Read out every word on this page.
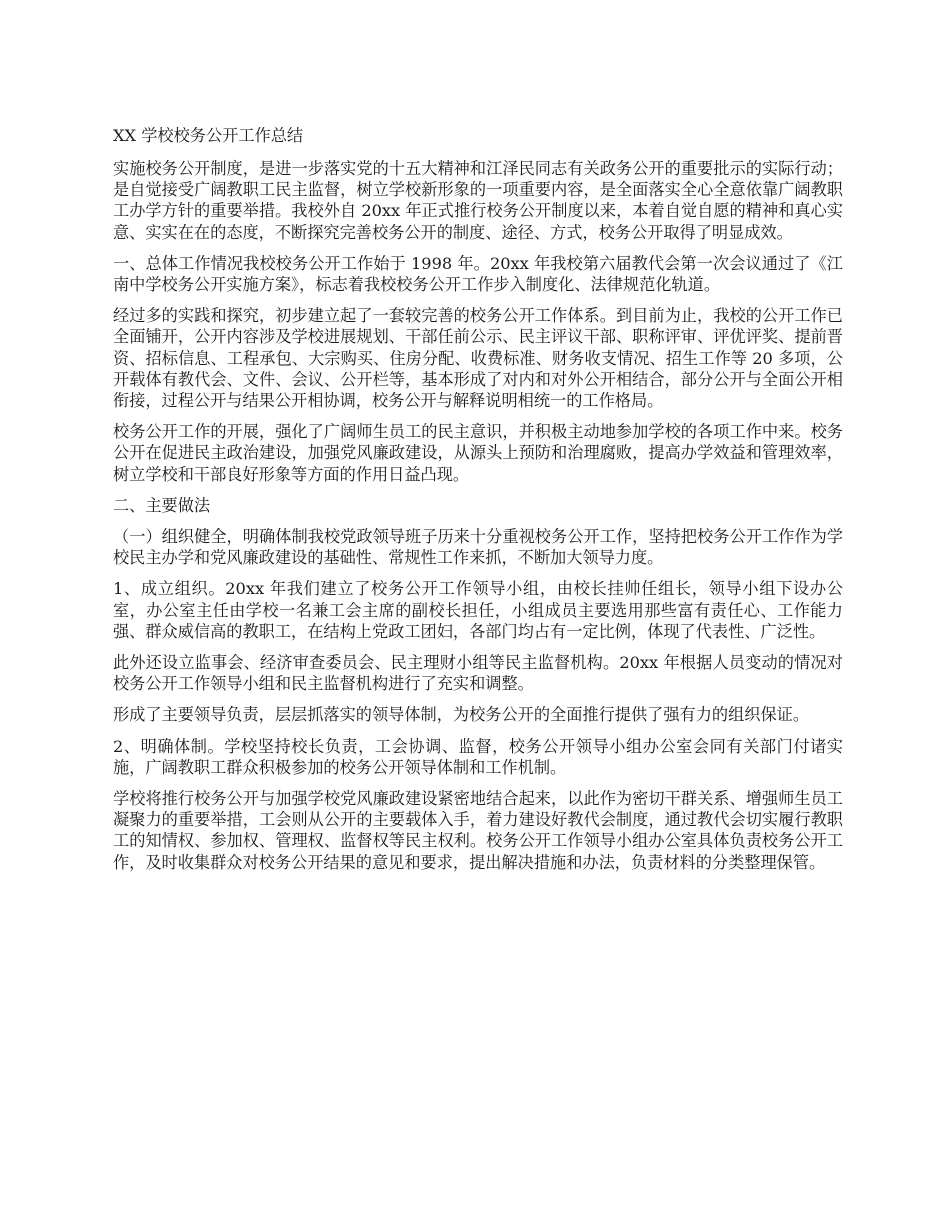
XX 学校校务公开工作总结

实施校务公开制度，是进一步落实党的十五大精神和江泽民同志有关政务公开的重要批示的实际行动；是自觉接受广阔教职工民主监督，树立学校新形象的一项重要内容，是全面落实全心全意依靠广阔教职工办学方针的重要举措。我校外自 20xx 年正式推行校务公开制度以来，本着自觉自愿的精神和真心实意、实实在在的态度，不断探究完善校务公开的制度、途径、方式，校务公开取得了明显成效。

一、总体工作情况我校校务公开工作始于 1998 年。20xx 年我校第六届教代会第一次会议通过了《江南中学校务公开实施方案》，标志着我校校务公开工作步入制度化、法律规范化轨道。

经过多的实践和探究，初步建立起了一套较完善的校务公开工作体系。到目前为止，我校的公开工作已全面铺开，公开内容涉及学校进展规划、干部任前公示、民主评议干部、职称评审、评优评奖、提前晋资、招标信息、工程承包、大宗购买、住房分配、收费标准、财务收支情况、招生工作等 20 多项，公开载体有教代会、文件、会议、公开栏等，基本形成了对内和对外公开相结合，部分公开与全面公开相衔接，过程公开与结果公开相协调，校务公开与解释说明相统一的工作格局。

校务公开工作的开展，强化了广阔师生员工的民主意识，并积极主动地参加学校的各项工作中来。校务公开在促进民主政治建设，加强党风廉政建设，从源头上预防和治理腐败，提高办学效益和管理效率，树立学校和干部良好形象等方面的作用日益凸现。

二、主要做法

（一）组织健全，明确体制我校党政领导班子历来十分重视校务公开工作，坚持把校务公开工作作为学校民主办学和党风廉政建设的基础性、常规性工作来抓，不断加大领导力度。

1、成立组织。20xx 年我们建立了校务公开工作领导小组，由校长挂帅任组长，领导小组下设办公室，办公室主任由学校一名兼工会主席的副校长担任，小组成员主要选用那些富有责任心、工作能力强、群众威信高的教职工，在结构上党政工团妇，各部门均占有一定比例，体现了代表性、广泛性。

此外还设立监事会、经济审查委员会、民主理财小组等民主监督机构。20xx 年根据人员变动的情况对校务公开工作领导小组和民主监督机构进行了充实和调整。

形成了主要领导负责，层层抓落实的领导体制，为校务公开的全面推行提供了强有力的组织保证。

2、明确体制。学校坚持校长负责，工会协调、监督，校务公开领导小组办公室会同有关部门付诸实施，广阔教职工群众积极参加的校务公开领导体制和工作机制。

学校将推行校务公开与加强学校党风廉政建设紧密地结合起来，以此作为密切干群关系、增强师生员工凝聚力的重要举措，工会则从公开的主要载体入手，着力建设好教代会制度，通过教代会切实履行教职工的知情权、参加权、管理权、监督权等民主权利。校务公开工作领导小组办公室具体负责校务公开工作，及时收集群众对校务公开结果的意见和要求，提出解决措施和办法，负责材料的分类整理保管。
